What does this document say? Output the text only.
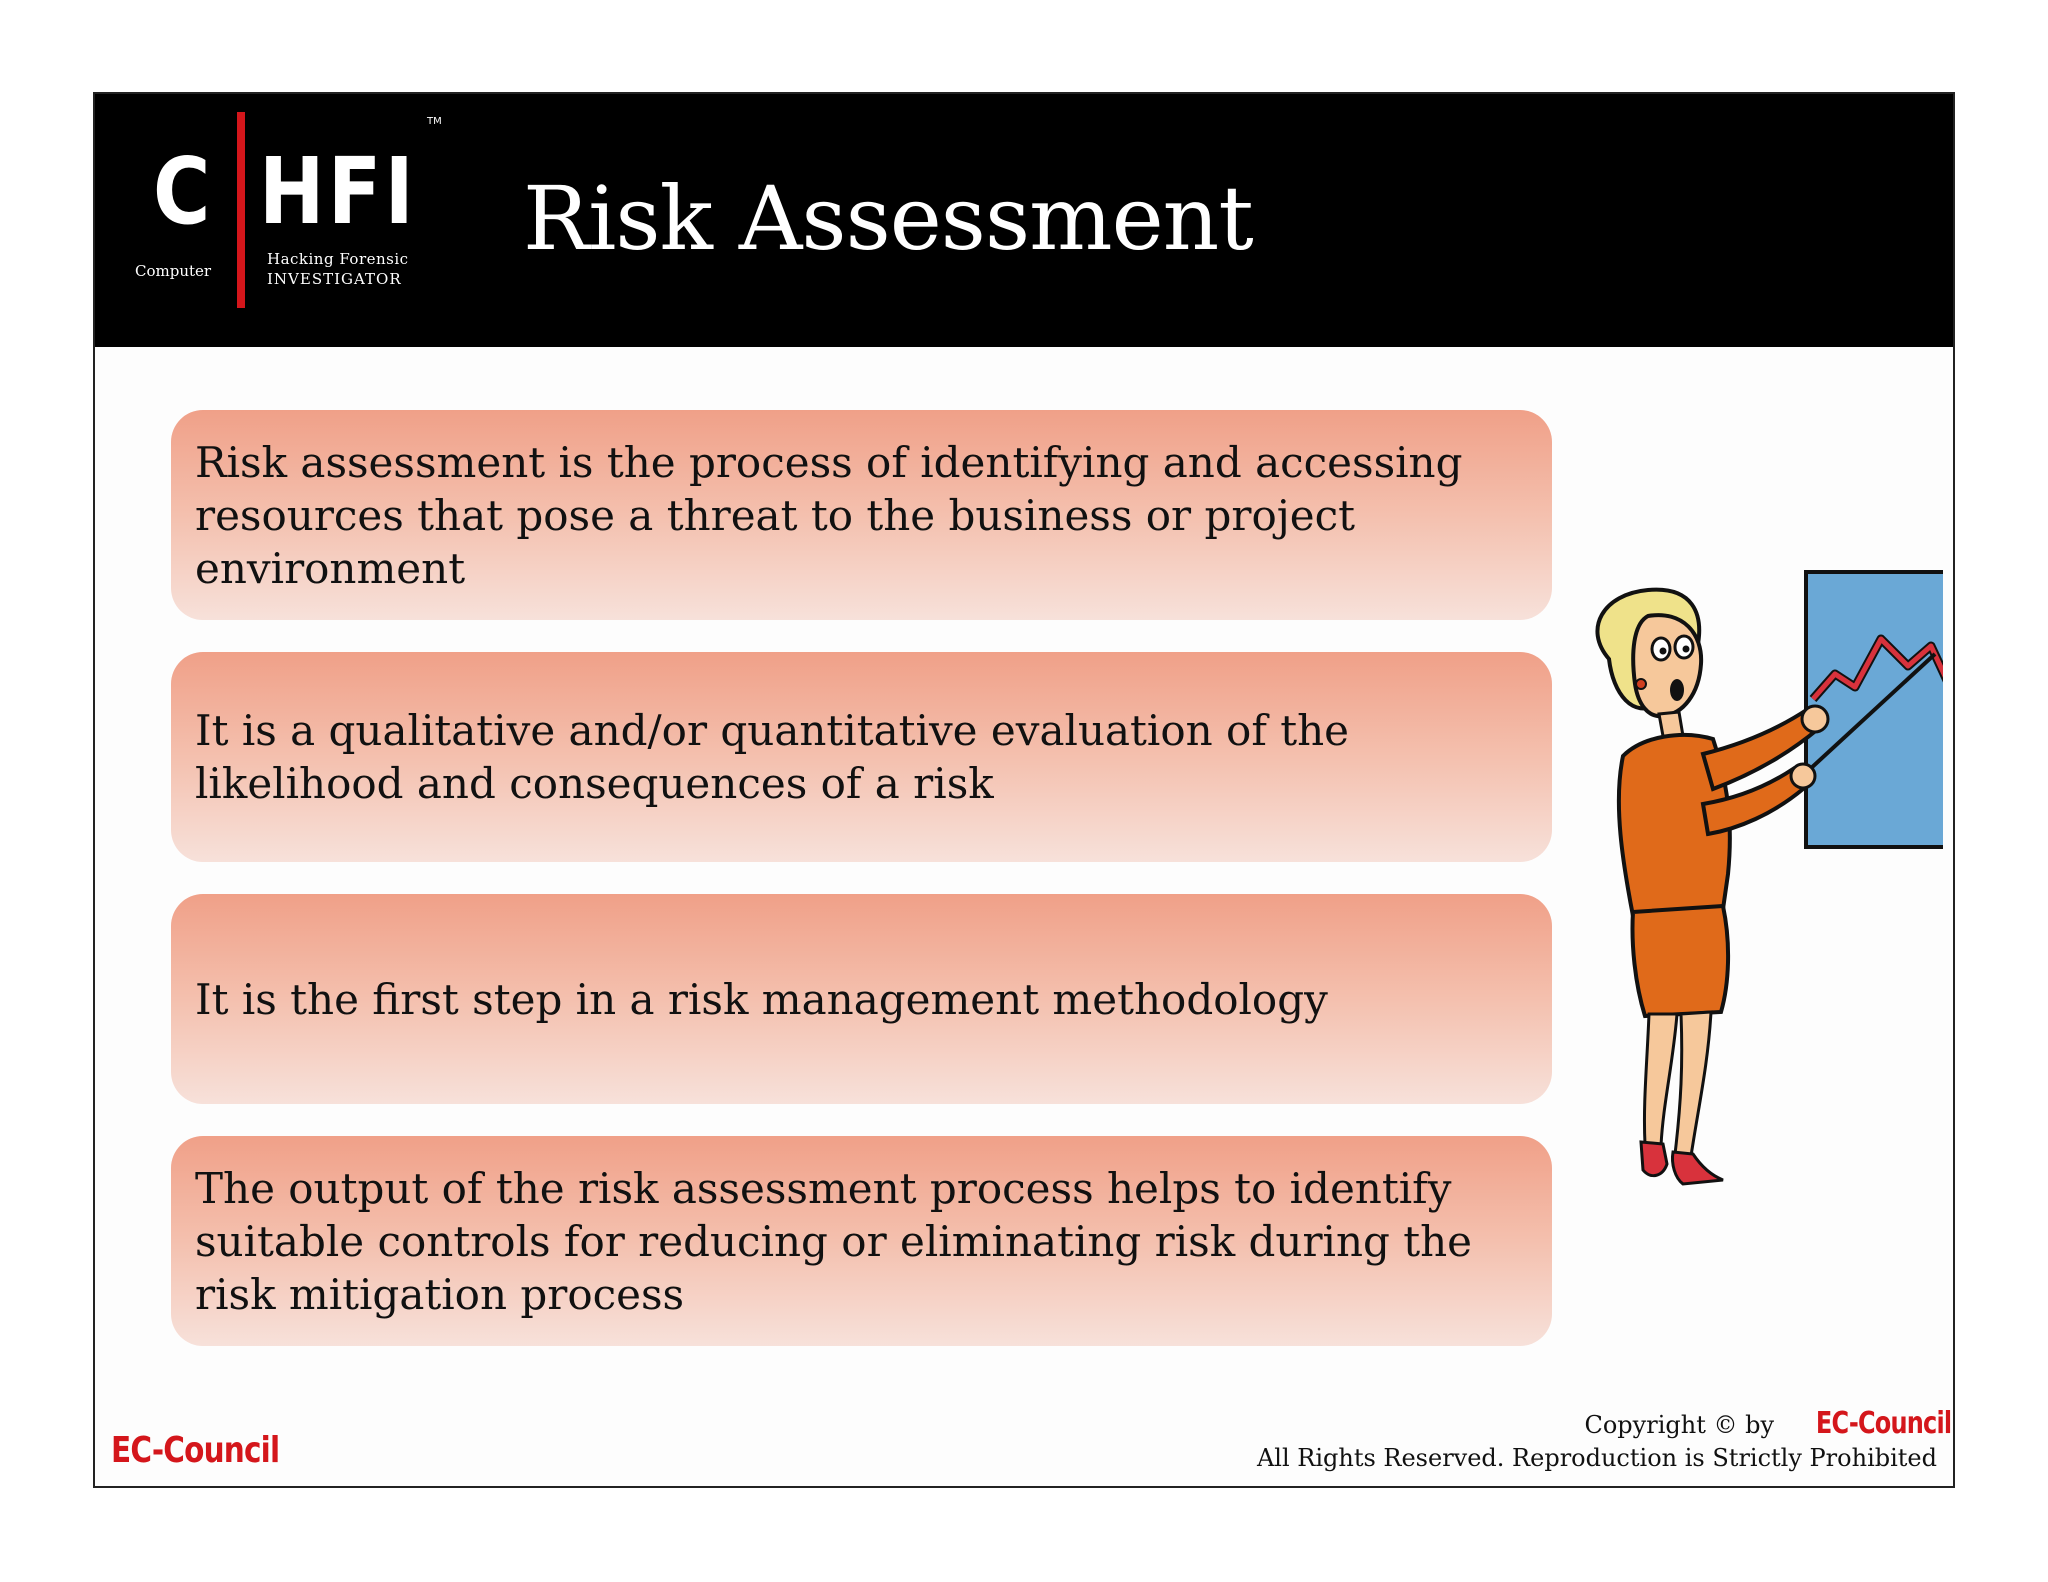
C HFI
TM
Computer
Hacking Forensic
INVESTIGATOR
Risk Assessment
Risk assessment is the process of identifying and accessing resources that pose a threat to the business or project environment
It is a qualitative and/or quantitative evaluation of the likelihood and consequences of a risk
It is the first step in a risk management methodology
The output of the risk assessment process helps to identify suitable controls for reducing or eliminating risk during the risk mitigation process
EC-Council
Copyright © by EC-Council
All Rights Reserved. Reproduction is Strictly Prohibited
